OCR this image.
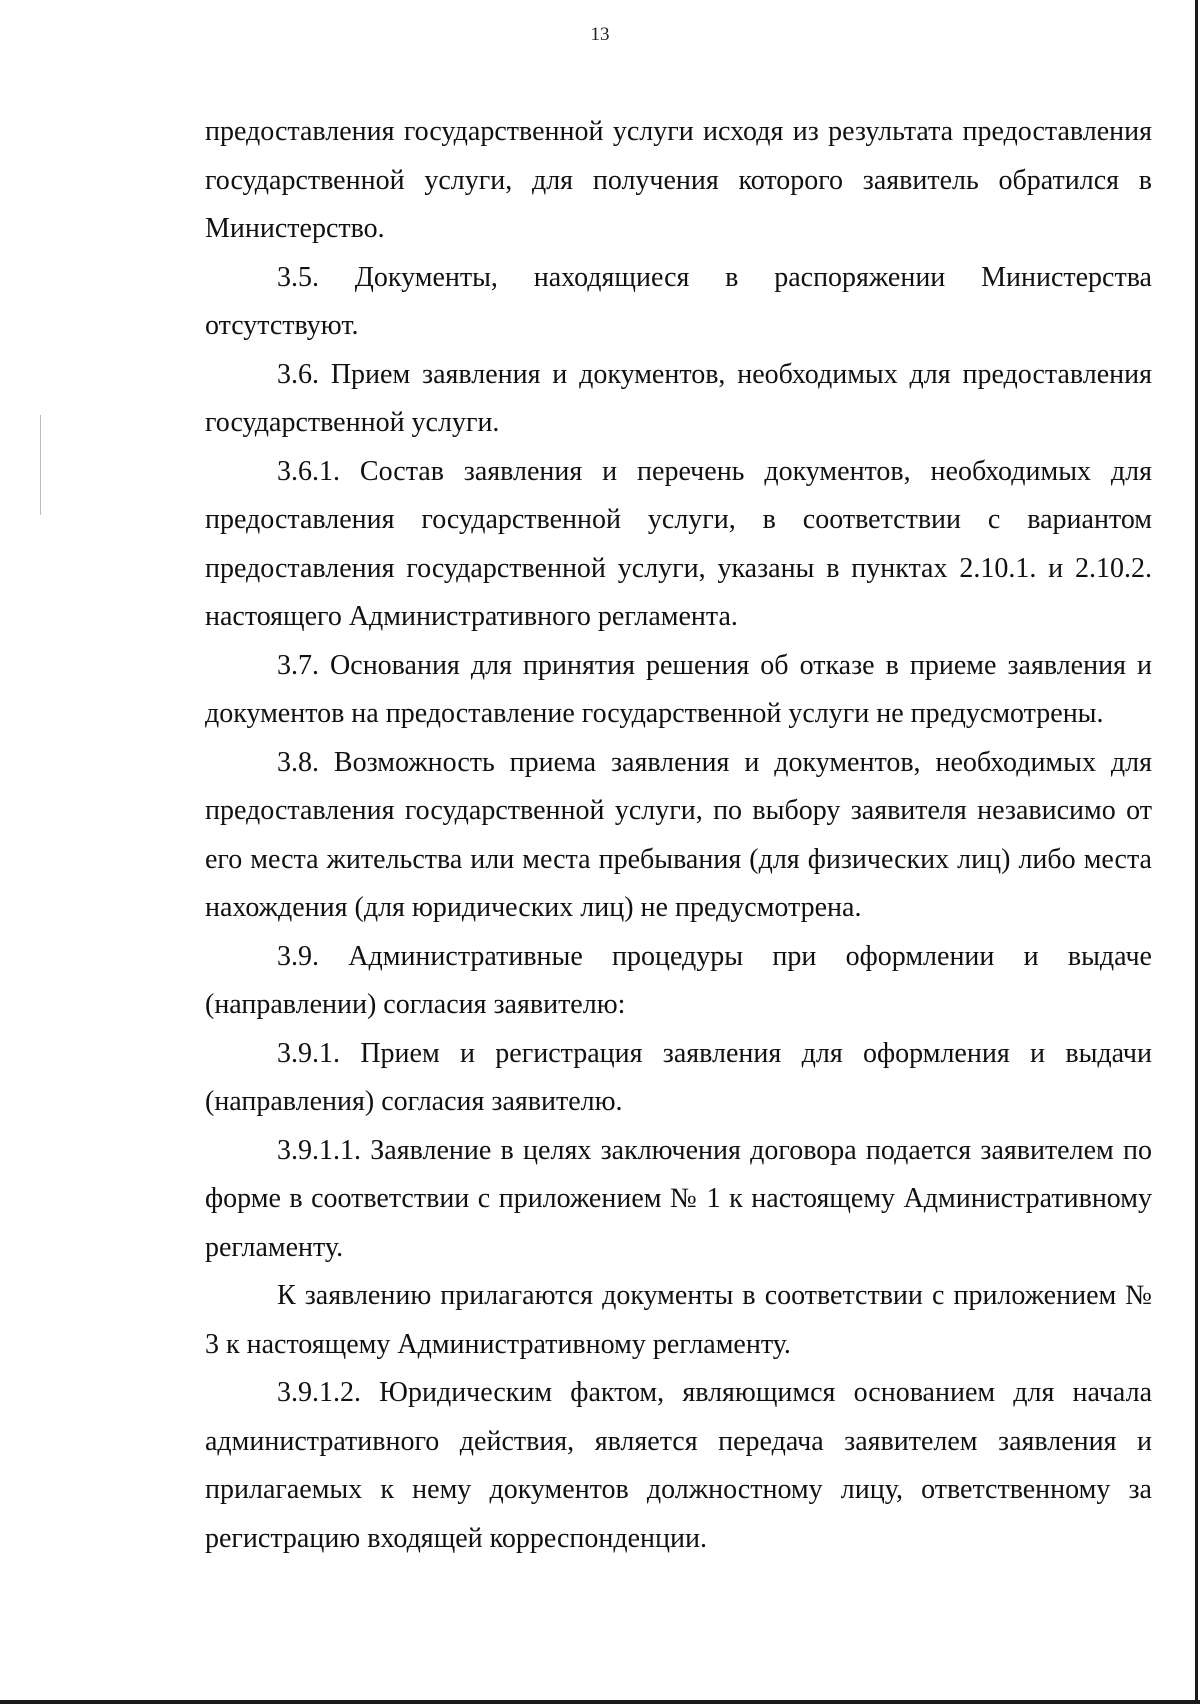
13

предоставления государственной услуги исходя из результата предоставления государственной услуги, для получения которого заявитель обратился в Министерство.

3.5. Документы, находящиеся в распоряжении Министерства отсутствуют.

3.6. Прием заявления и документов, необходимых для предоставления государственной услуги.

3.6.1. Состав заявления и перечень документов, необходимых для предоставления государственной услуги, в соответствии с вариантом предоставления государственной услуги, указаны в пунктах 2.10.1. и 2.10.2. настоящего Административного регламента.

3.7. Основания для принятия решения об отказе в приеме заявления и документов на предоставление государственной услуги не предусмотрены.

3.8. Возможность приема заявления и документов, необходимых для предоставления государственной услуги, по выбору заявителя независимо от его места жительства или места пребывания (для физических лиц) либо места нахождения (для юридических лиц) не предусмотрена.

3.9. Административные процедуры при оформлении и выдаче (направлении) согласия заявителю:

3.9.1. Прием и регистрация заявления для оформления и выдачи (направления) согласия заявителю.

3.9.1.1. Заявление в целях заключения договора подается заявителем по форме в соответствии с приложением № 1 к настоящему Административному регламенту.

К заявлению прилагаются документы в соответствии с приложением № 3 к настоящему Административному регламенту.

3.9.1.2. Юридическим фактом, являющимся основанием для начала административного действия, является передача заявителем заявления и прилагаемых к нему документов должностному лицу, ответственному за регистрацию входящей корреспонденции.
